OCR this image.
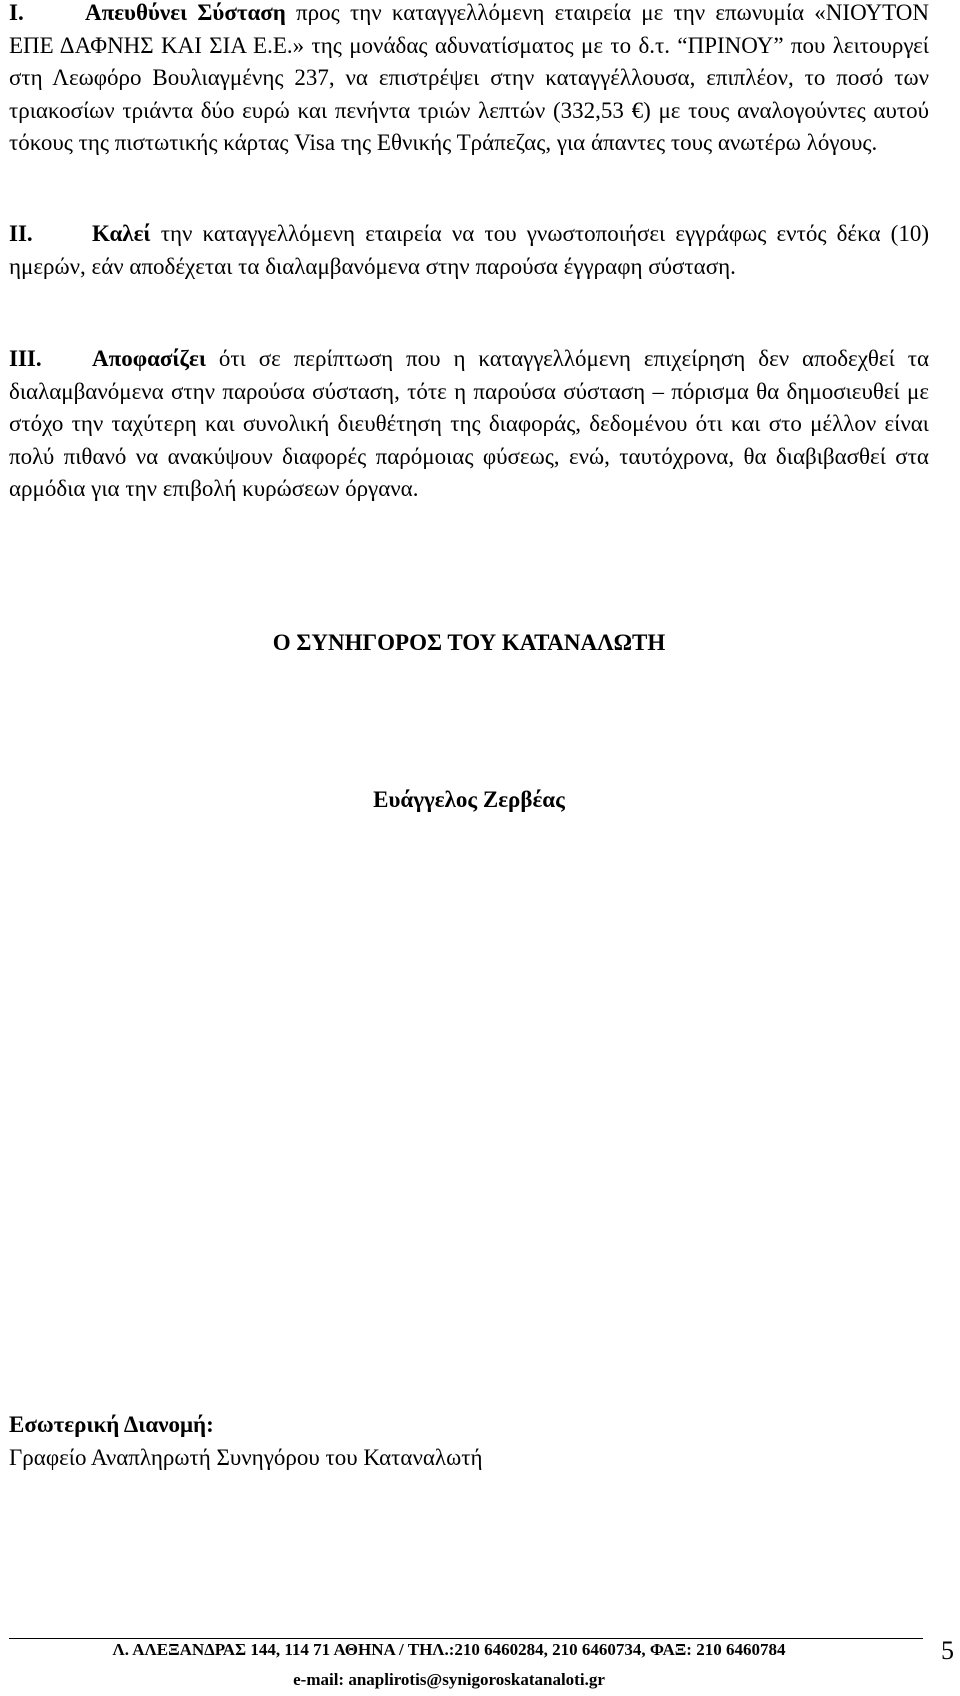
I.	Απευθύνει Σύσταση προς την καταγγελλόμενη εταιρεία με την επωνυμία «ΝΙΟΥΤΟΝ ΕΠΕ ΔΑΦΝΗΣ ΚΑΙ ΣΙΑ Ε.Ε.» της μονάδας αδυνατίσματος με το δ.τ. “ΠΡΙΝΟΥ” που λειτουργεί στη Λεωφόρο Βουλιαγμένης 237, να επιστρέψει στην καταγγέλλουσα, επιπλέον, το ποσό των τριακοσίων τριάντα δύο ευρώ και πενήντα τριών λεπτών (332,53 €) με τους αναλογούντες αυτού τόκους της πιστωτικής κάρτας Visa της Εθνικής Τράπεζας, για άπαντες τους ανωτέρω λόγους.
II.	Καλεί την καταγγελλόμενη εταιρεία να του γνωστοποιήσει εγγράφως εντός δέκα (10) ημερών, εάν αποδέχεται τα διαλαμβανόμενα στην παρούσα έγγραφη σύσταση.
III. Αποφασίζει ότι σε περίπτωση που η καταγγελλόμενη επιχείρηση δεν αποδεχθεί τα διαλαμβανόμενα στην παρούσα σύσταση, τότε η παρούσα σύσταση – πόρισμα θα δημοσιευθεί με στόχο την ταχύτερη και συνολική διευθέτηση της διαφοράς, δεδομένου ότι και στο μέλλον είναι πολύ πιθανό να ανακύψουν διαφορές παρόμοιας φύσεως, ενώ, ταυτόχρονα, θα διαβιβασθεί στα αρμόδια για την επιβολή κυρώσεων όργανα.
Ο ΣΥΝΗΓΟΡΟΣ ΤΟΥ ΚΑΤΑΝΑΛΩΤΗ
Ευάγγελος Ζερβέας
Εσωτερική Διανομή:
Γραφείο Αναπληρωτή Συνηγόρου του Καταναλωτή
Λ. ΑΛΕΞΑΝΔΡΑΣ 144, 114 71 ΑΘΗΝΑ / ΤΗΛ.:210 6460284, 210 6460734, ΦΑΞ: 210 6460784	5
e-mail: anaplirotis@synigoroskatanaloti.gr
